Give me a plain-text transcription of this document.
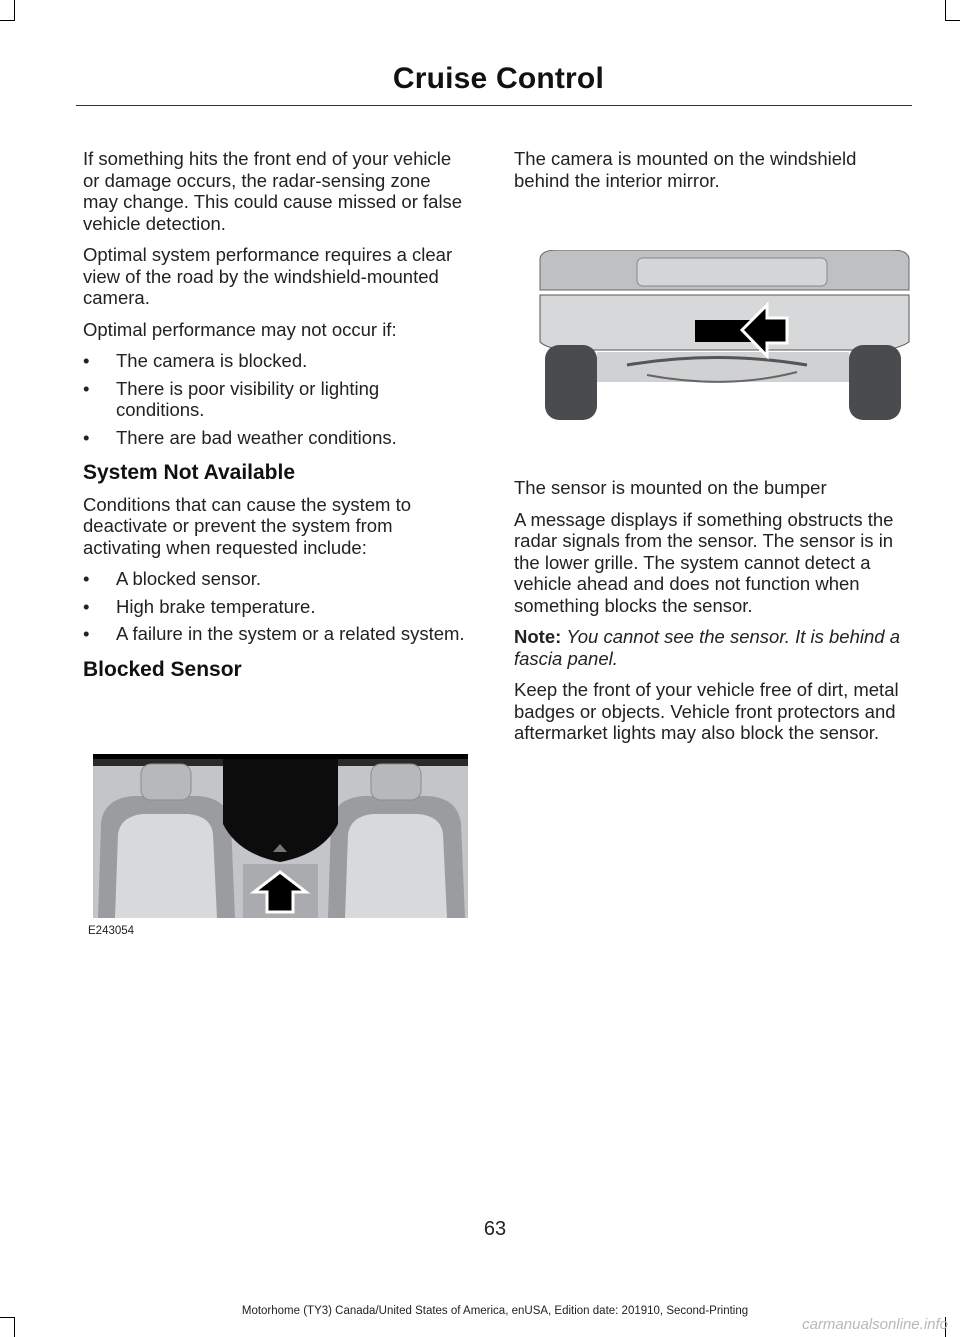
Cruise Control

If something hits the front end of your vehicle or damage occurs, the radar-sensing zone may change. This could cause missed or false vehicle detection.

Optimal system performance requires a clear view of the road by the windshield-mounted camera.

Optimal performance may not occur if:

• The camera is blocked.
• There is poor visibility or lighting conditions.
• There are bad weather conditions.
System Not Available

Conditions that can cause the system to deactivate or prevent the system from activating when requested include:

• A blocked sensor.
• High brake temperature.
• A failure in the system or a related system.
Blocked Sensor
E243054

The camera is mounted on the windshield behind the interior mirror.

The sensor is mounted on the bumper

A message displays if something obstructs the radar signals from the sensor. The sensor is in the lower grille. The system cannot detect a vehicle ahead and does not function when something blocks the sensor.

Note: You cannot see the sensor. It is behind a fascia panel.

Keep the front of your vehicle free of dirt, metal badges or objects. Vehicle front protectors and aftermarket lights may also block the sensor.

63
Motorhome (TY3) Canada/United States of America, enUSA, Edition date: 201910, Second-Printing
carmanualsonline.info
